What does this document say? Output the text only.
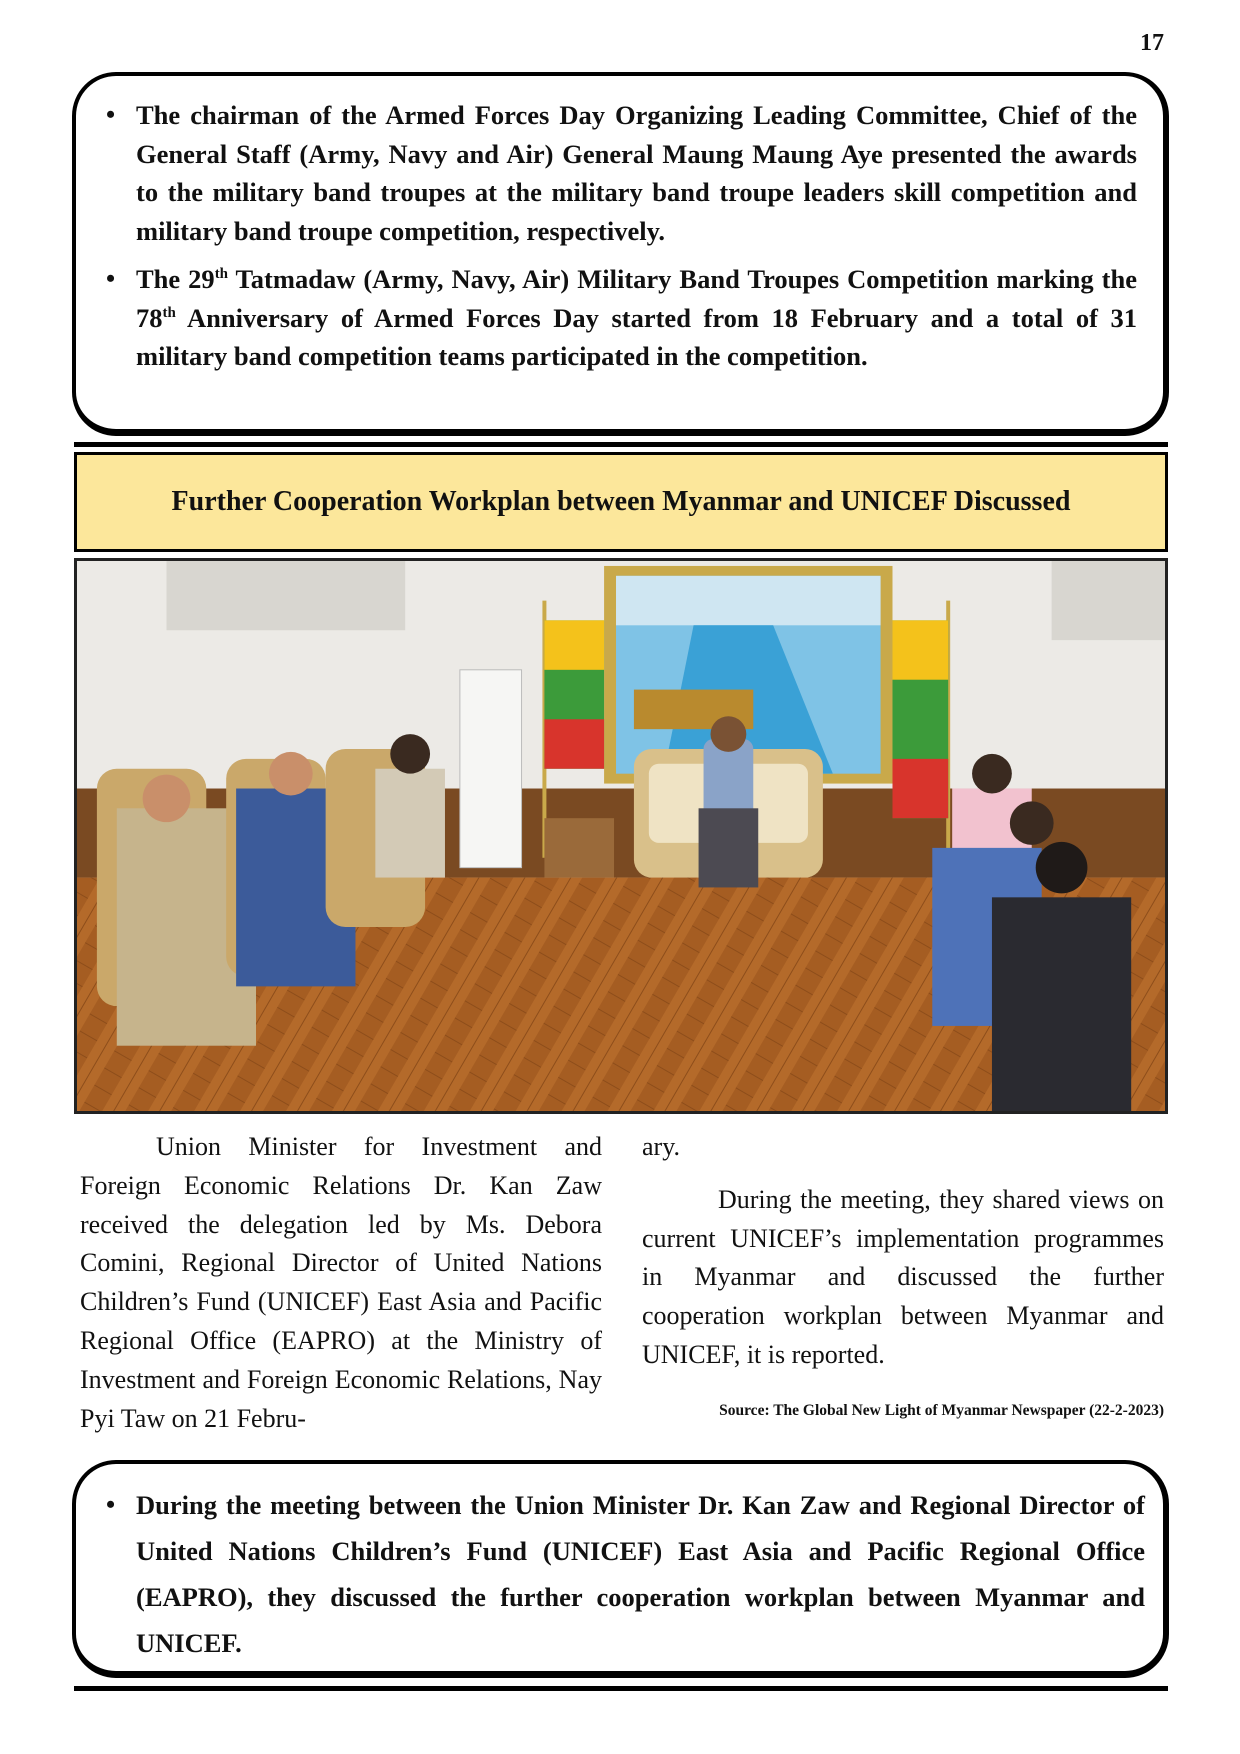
17
• The chairman of the Armed Forces Day Organizing Leading Committee, Chief of the General Staff (Army, Navy and Air) General Maung Maung Aye presented the awards to the military band troupes at the military band troupe leaders skill competition and military band troupe competition, respectively.
• The 29th Tatmadaw (Army, Navy, Air) Military Band Troupes Competition marking the 78th Anniversary of Armed Forces Day started from 18 February and a total of 31 military band competition teams participated in the competition.
Further Cooperation Workplan between Myanmar and UNICEF Discussed

Union Minister for Investment and Foreign Economic Relations Dr. Kan Zaw received the delegation led by Ms. Debora Comini, Regional Director of United Nations Children’s Fund (UNICEF) East Asia and Pacific Regional Office (EAPRO) at the Ministry of Investment and Foreign Economic Relations, Nay Pyi Taw on 21 Febru-

ary.

During the meeting, they shared views on current UNICEF’s implementation programmes in Myanmar and discussed the further cooperation workplan between Myanmar and UNICEF, it is reported.

Source: The Global New Light of Myanmar Newspaper (22-2-2023)
• During the meeting between the Union Minister Dr. Kan Zaw and Regional Director of United Nations Children’s Fund (UNICEF) East Asia and Pacific Regional Office (EAPRO), they discussed the further cooperation workplan between Myanmar and UNICEF.
